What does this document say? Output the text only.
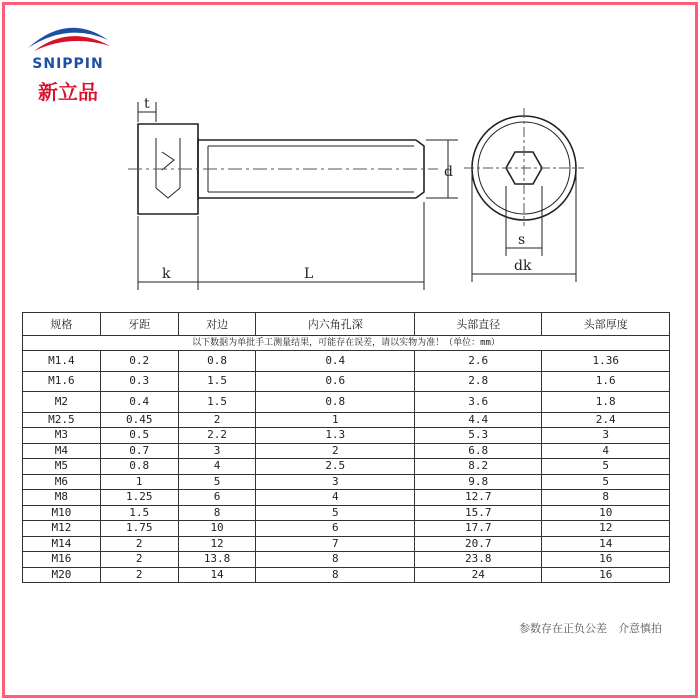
SNIPPIN
新立品	t
d
k	L
s
dk
以下数据为单批手工测量结果，可能存在误差，请以实物为准！（单位：mm）					
规格	牙距	对边	内六角孔深	头部直径	头部厚度
M1.4	0.2	0.8	0.4	2.6	1.36
M1.6	0.3	1.5	0.6	2.8	1.6
M2	0.4	1.5	0.8	3.6	1.8
M2.5	0.45	2	1	4.4	2.4
M3	0.5	2.2	1.3	5.3	3
M4	0.7	3	2	6.8	4
M5	0.8	4	2.5	8.2	5
M6	1	5	3	9.8	5
M8	1.25	6	4	12.7	8
M10	1.5	8	5	15.7	10
M12	1.75	10	6	17.7	12
M14	2	12	7	20.7	14
M16	2	13.8	8	23.8	16
M20	2	14	8	24	16
参数存在正负公差　介意慎拍
